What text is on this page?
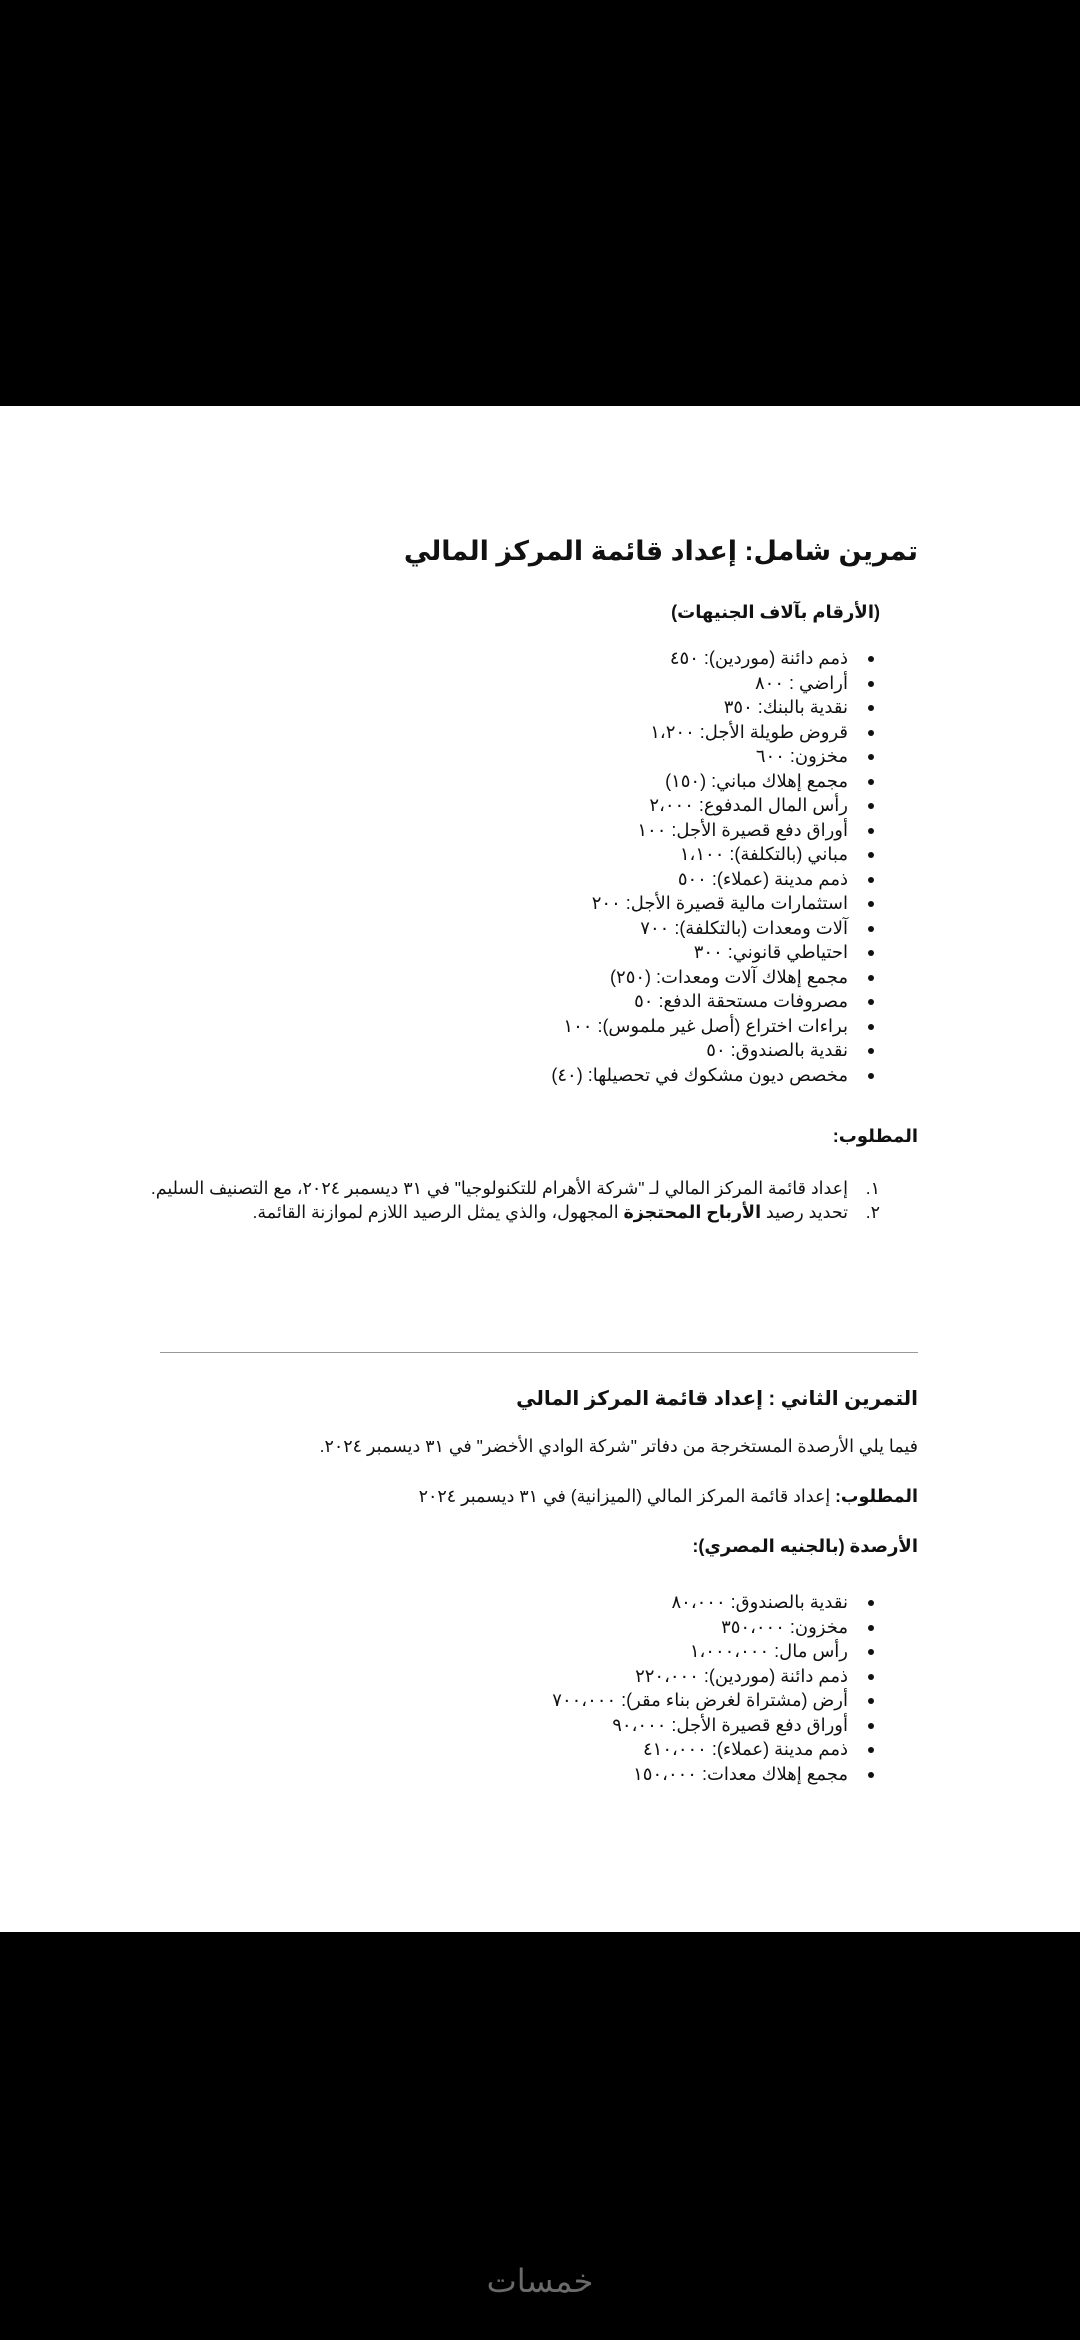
تمرين شامل: إعداد قائمة المركز المالي
(الأرقام بآلاف الجنيهات)
ذمم دائنة (موردين): ٤٥٠
أراضي : ٨٠٠
نقدية بالبنك: ٣٥٠
قروض طويلة الأجل: ١،٢٠٠
مخزون: ٦٠٠
مجمع إهلاك مباني: (١٥٠)
رأس المال المدفوع: ٢،٠٠٠
أوراق دفع قصيرة الأجل: ١٠٠
مباني (بالتكلفة): ١،١٠٠
ذمم مدينة (عملاء): ٥٠٠
استثمارات مالية قصيرة الأجل: ٢٠٠
آلات ومعدات (بالتكلفة): ٧٠٠
احتياطي قانوني: ٣٠٠
مجمع إهلاك آلات ومعدات: (٢٥٠)
مصروفات مستحقة الدفع: ٥٠
براءات اختراع (أصل غير ملموس): ١٠٠
نقدية بالصندوق: ٥٠
مخصص ديون مشكوك في تحصيلها: (٤٠)
المطلوب:
١.إعداد قائمة المركز المالي لـ "شركة الأهرام للتكنولوجيا" في ٣١ ديسمبر ٢٠٢٤، مع التصنيف السليم.
٢.تحديد رصيد الأرباح المحتجزة المجهول، والذي يمثل الرصيد اللازم لموازنة القائمة.
التمرين الثاني : إعداد قائمة المركز المالي
فيما يلي الأرصدة المستخرجة من دفاتر "شركة الوادي الأخضر" في ٣١ ديسمبر ٢٠٢٤.
المطلوب: إعداد قائمة المركز المالي (الميزانية) في ٣١ ديسمبر ٢٠٢٤
الأرصدة (بالجنيه المصري):
نقدية بالصندوق: ٨٠،٠٠٠
مخزون: ٣٥٠،٠٠٠
رأس مال: ١،٠٠٠،٠٠٠
ذمم دائنة (موردين): ٢٢٠،٠٠٠
أرض (مشتراة لغرض بناء مقر): ٧٠٠،٠٠٠
أوراق دفع قصيرة الأجل: ٩٠،٠٠٠
ذمم مدينة (عملاء): ٤١٠،٠٠٠
مجمع إهلاك معدات: ١٥٠،٠٠٠
خمسات
